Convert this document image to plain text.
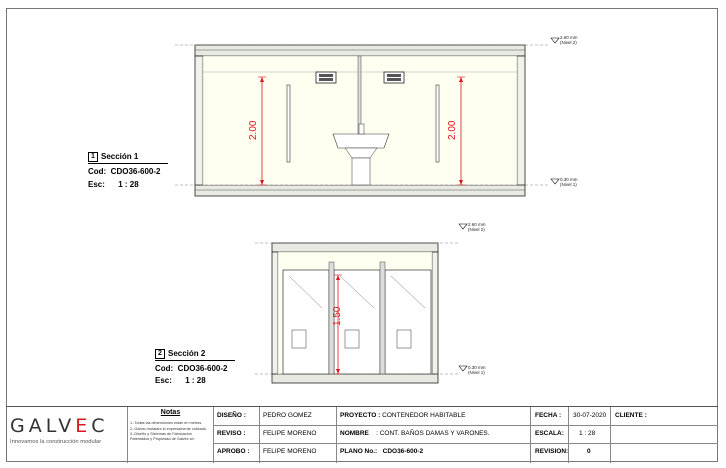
1 Sección 1
Cod: CDO36-600-2
Esc: 1 : 28
2.60 mm
(Nivel 2)
0.30 mm
(Nivel 1)
2.00	2.00
2 Sección 2
Cod: CDO36-600-2
Esc: 1 : 28
2.60 mm
(Nivel 2)
0.30 mm
(Nivel 1)
1.50
GALVEC
Innovamos la construcción modular
Notas
1.-Todas las dimensiones estan en metros.
2.-Galvec instalara lo expresamente cotizado.
3.-Diseño y Sistemas de Fabricacion Patentados y Propiedad de Galvec srl.
DISEÑO :
REVISO :
APROBO :
PEDRO GOMEZ
FELIPE MORENO
FELIPE MORENO
PROYECTO : CONTENEDOR HABITABLE
NOMBRE : CONT. BAÑOS DAMAS Y VARONES.
PLANO No.: CDO36-600-2
FECHA :
ESCALA:
REVISION:
30-07-2020
1 : 28
0
CLIENTE :
